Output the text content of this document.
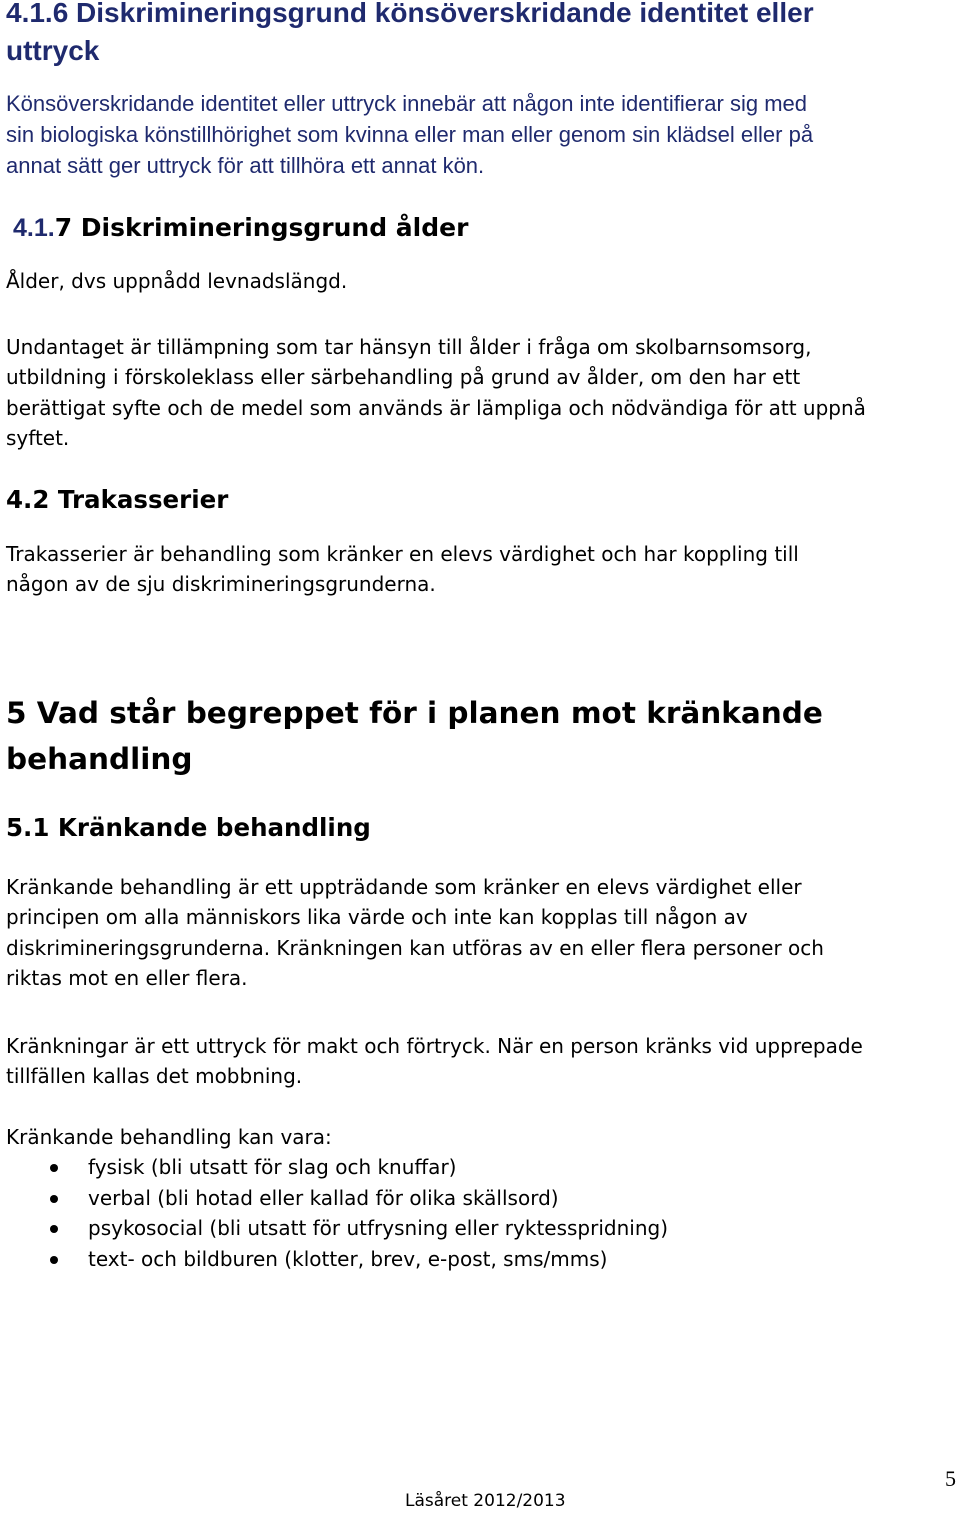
4.1.6 Diskrimineringsgrund könsöverskridande identitet eller
uttryck

Könsöverskridande identitet eller uttryck innebär att någon inte identifierar sig med
sin biologiska könstillhörighet som kvinna eller man eller genom sin klädsel eller på
annat sätt ger uttryck för att tillhöra ett annat kön.

4.1.7 Diskrimineringsgrund ålder

Ålder, dvs uppnådd levnadslängd.

Undantaget är tillämpning som tar hänsyn till ålder i fråga om skolbarnsomsorg,
utbildning i förskoleklass eller särbehandling på grund av ålder, om den har ett
berättigat syfte och de medel som används är lämpliga och nödvändiga för att uppnå
syftet.

4.2 Trakasserier

Trakasserier är behandling som kränker en elevs värdighet och har koppling till
någon av de sju diskrimineringsgrunderna.

5 Vad står begreppet för i planen mot kränkande
behandling
5.1 Kränkande behandling

Kränkande behandling är ett uppträdande som kränker en elevs värdighet eller
principen om alla människors lika värde och inte kan kopplas till någon av
diskrimineringsgrunderna. Kränkningen kan utföras av en eller flera personer och
riktas mot en eller flera.

Kränkningar är ett uttryck för makt och förtryck. När en person kränks vid upprepade
tillfällen kallas det mobbning.

Kränkande behandling kan vara:

fysisk (bli utsatt för slag och knuffar)
verbal (bli hotad eller kallad för olika skällsord)
psykosocial (bli utsatt för utfrysning eller ryktesspridning)
text- och bildburen (klotter, brev, e-post, sms/mms)
5
Läsåret 2012/2013
